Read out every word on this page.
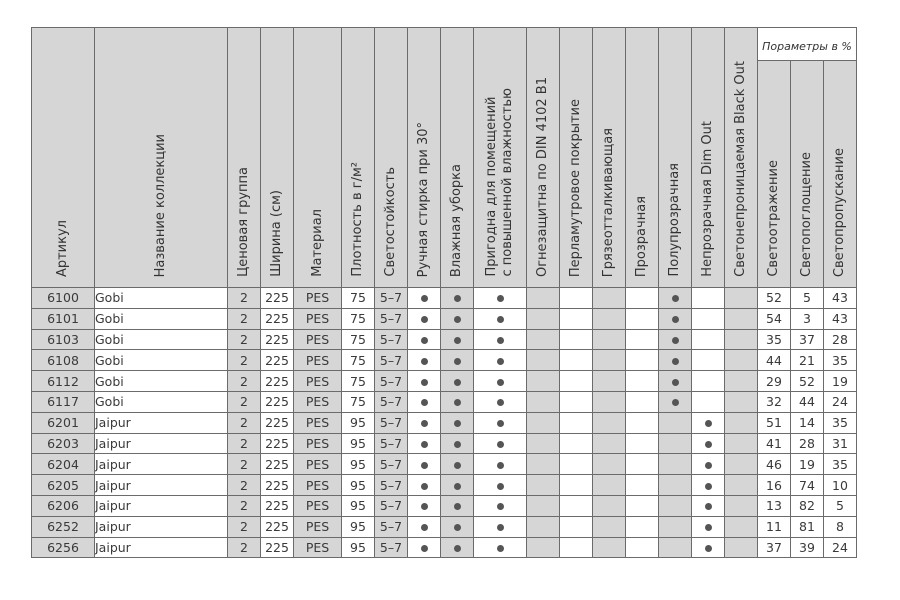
Артикул	Название коллекции	Ценовая группа	Ширина (см)	Материал	Плотность в г/м²	Светостойкость	Ручная стирка при 30°	Влажная уборка	Пригодна для помещений
с повышенной влажностью	Огнезащитна по DIN 4102 B1	Перламутровое покрытие	Грязеотталкивающая	Прозрачная	Полупрозрачная	Непрозрачная Dim Out	Светонепроницаемая Black Out	Пораметры в %		

																	Светоотражение	Светопоглощение	Светопропускание

6100	Gobi	2	225	PES	75	5–7											52	5	43
6101	Gobi	2	225	PES	75	5–7											54	3	43
6103	Gobi	2	225	PES	75	5–7											35	37	28
6108	Gobi	2	225	PES	75	5–7											44	21	35
6112	Gobi	2	225	PES	75	5–7											29	52	19
6117	Gobi	2	225	PES	75	5–7											32	44	24
6201	Jaipur	2	225	PES	95	5–7											51	14	35
6203	Jaipur	2	225	PES	95	5–7											41	28	31
6204	Jaipur	2	225	PES	95	5–7											46	19	35
6205	Jaipur	2	225	PES	95	5–7											16	74	10
6206	Jaipur	2	225	PES	95	5–7											13	82	5
6252	Jaipur	2	225	PES	95	5–7											11	81	8
6256	Jaipur	2	225	PES	95	5–7											37	39	24
